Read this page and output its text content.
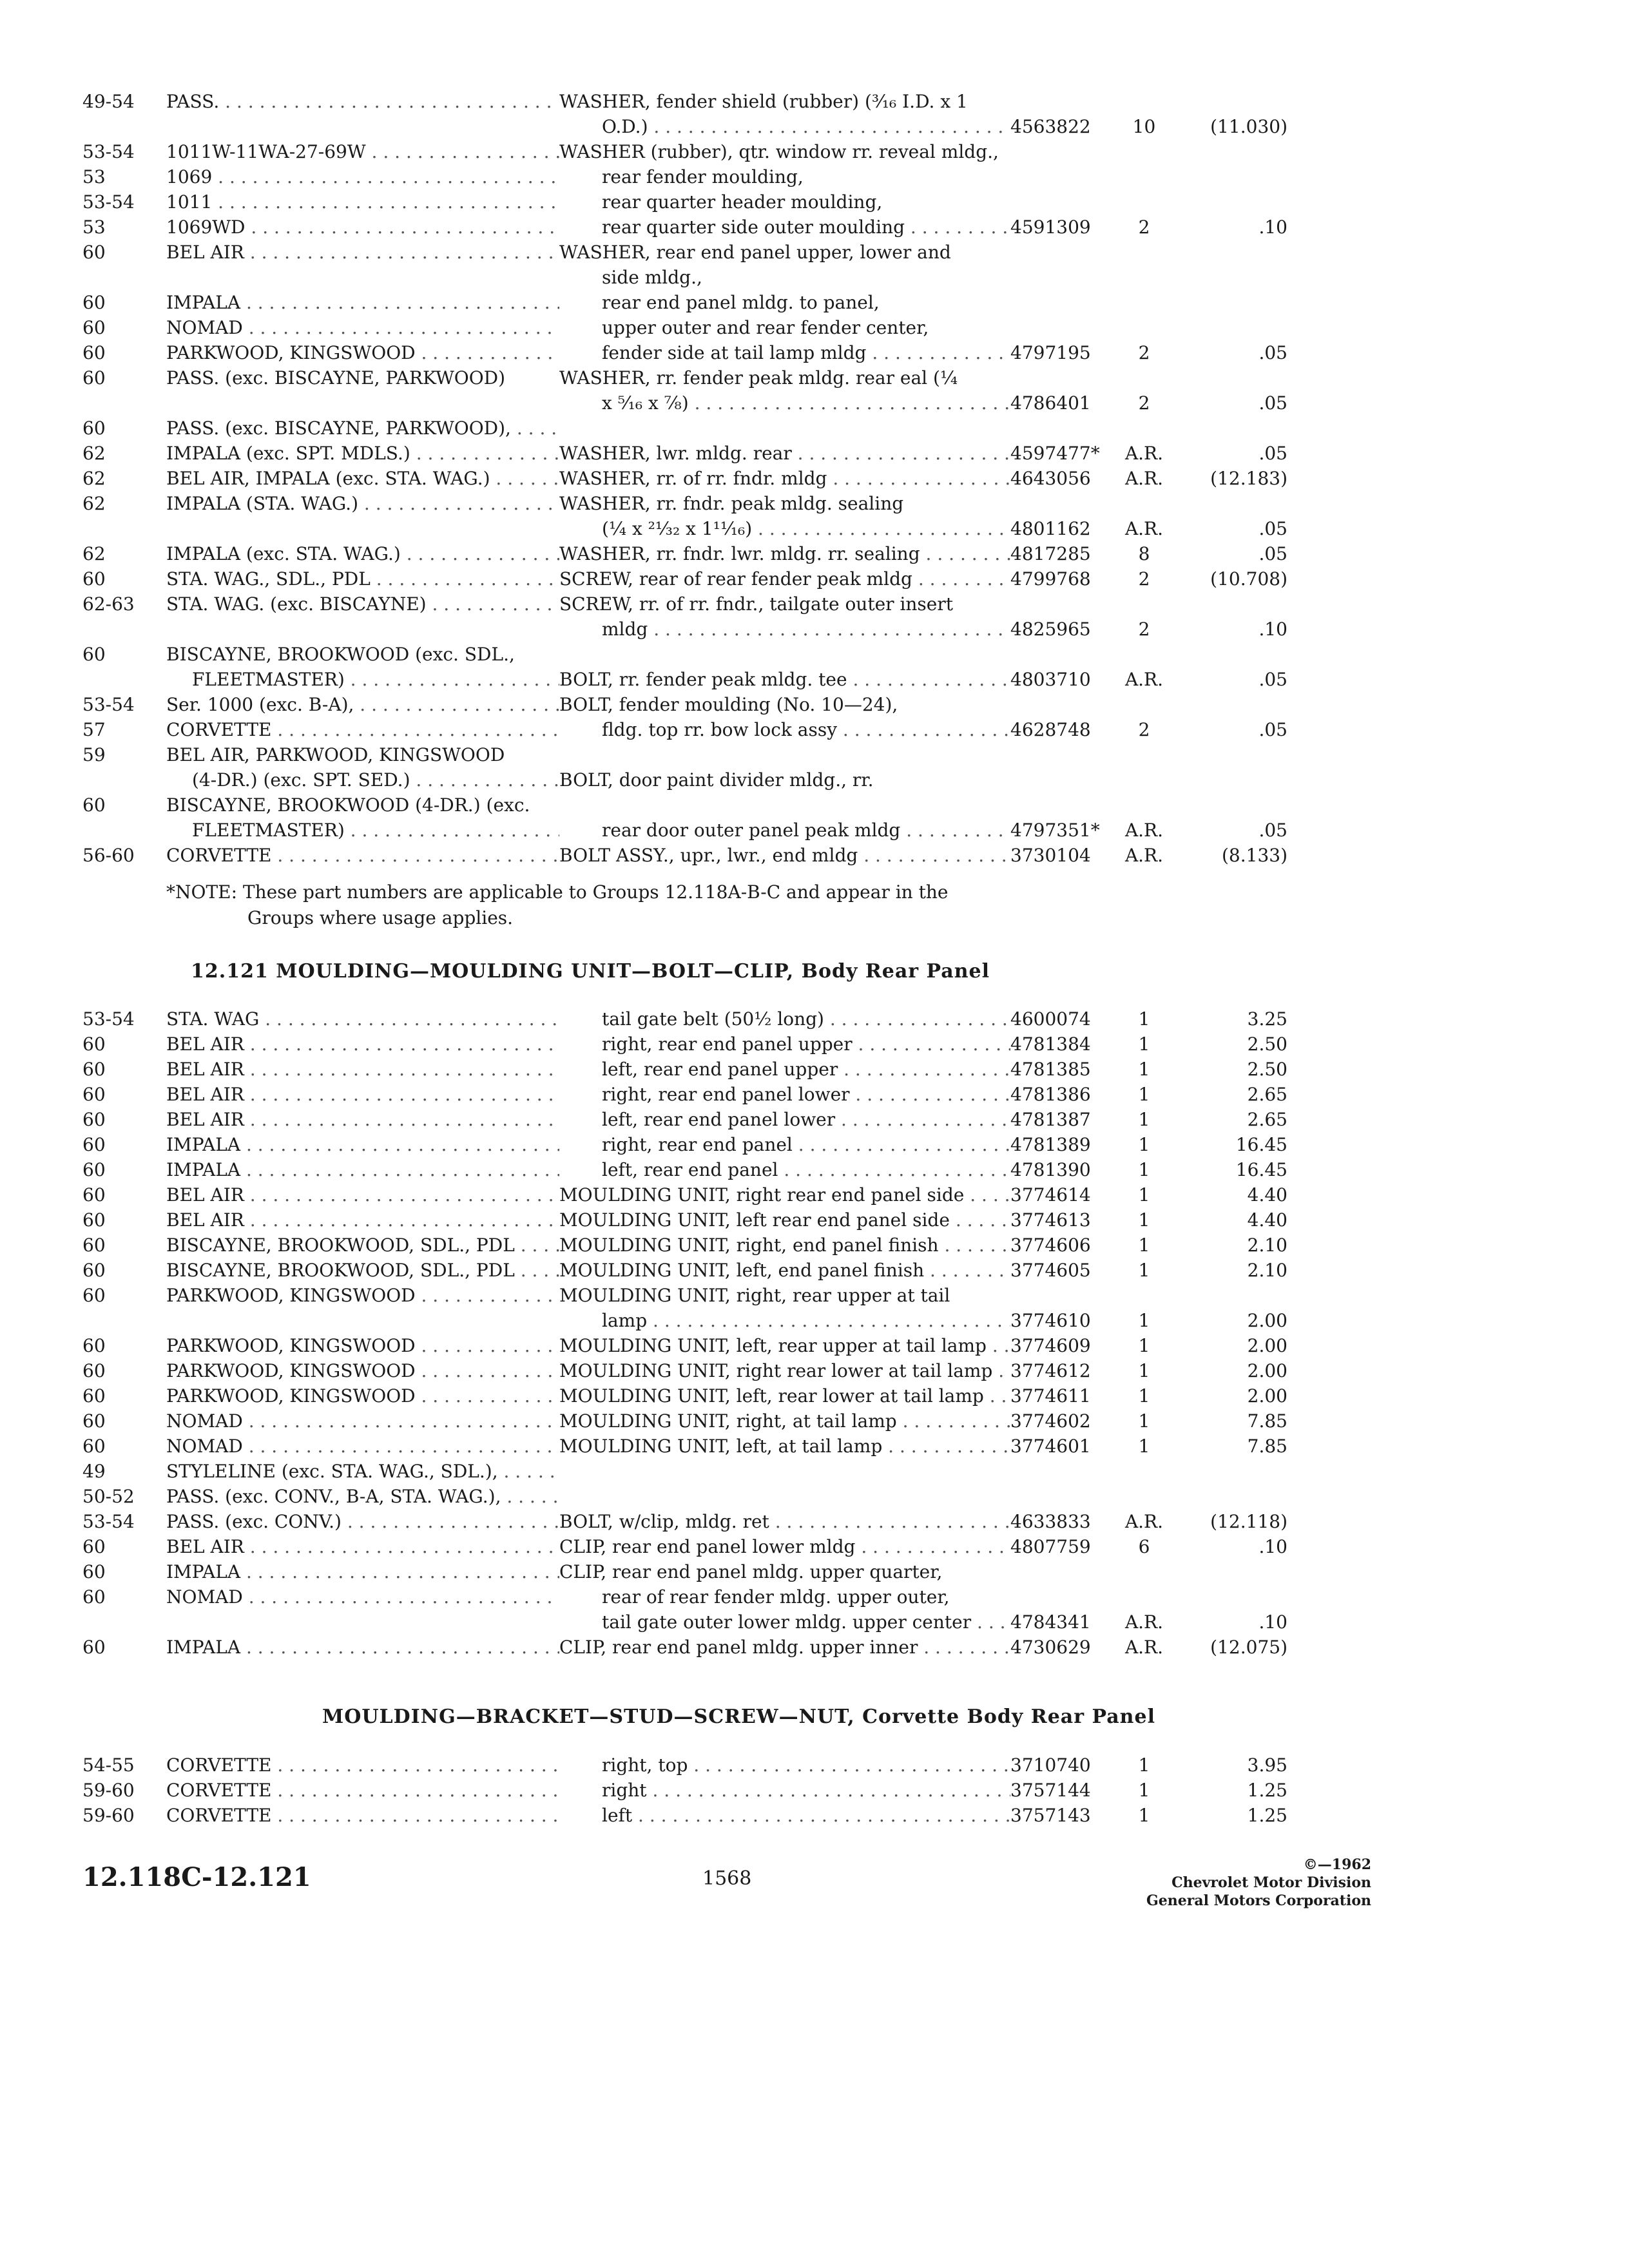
49-54	PASS. . . .	WASHER, fender shield (rubber) (³⁄₁₆ I.D. x 1
O.D.) . . .	4563822	10	(11.030)
53-54	1011W-11WA-27-69W . . .	WASHER (rubber), qtr. window rr. reveal mldg.,
53	1069 . . .	rear fender moulding,
53-54	1011 . . .	rear quarter header moulding,
53	1069WD . . .	rear quarter side outer moulding . . .	4591309	2	.10
60	BEL AIR . . .	WASHER, rear end panel upper, lower and
side mldg.,
60	IMPALA . . .	rear end panel mldg. to panel,
60	NOMAD . . .	upper outer and rear fender center,
60	PARKWOOD, KINGSWOOD . . .	fender side at tail lamp mldg . . .	4797195	2	.05
60	PASS. (exc. BISCAYNE, PARKWOOD)	WASHER, rr. fender peak mldg. rear eal (¼
x ⁵⁄₁₆ x ⁷⁄₈) . . .	4786401	2	.05
60	PASS. (exc. BISCAYNE, PARKWOOD), . . .

62	IMPALA (exc. SPT. MDLS.) . . .	WASHER, lwr. mldg. rear . . .	4597477*	A.R.	.05
62	BEL AIR, IMPALA (exc. STA. WAG.) . . .	WASHER, rr. of rr. fndr. mldg . . .	4643056	A.R.	(12.183)
62	IMPALA (STA. WAG.) . . .	WASHER, rr. fndr. peak mldg. sealing
(¼ x ²¹⁄₃₂ x 1¹¹⁄₁₆) . . .	4801162	A.R.	.05
62	IMPALA (exc. STA. WAG.) . . .	WASHER, rr. fndr. lwr. mldg. rr. sealing . . .	4817285	8	.05
60	STA. WAG., SDL., PDL . . .	SCREW, rear of rear fender peak mldg . . .	4799768	2	(10.708)
62-63	STA. WAG. (exc. BISCAYNE) . . .	SCREW, rr. of rr. fndr., tailgate outer insert
mldg . . .	4825965	2	.10
60	BISCAYNE, BROOKWOOD (exc. SDL.,
FLEETMASTER) . . .
	BOLT, rr. fender peak mldg. tee . . .	4803710	A.R.	.05
53-54	Ser. 1000 (exc. B-A), . . .	BOLT, fender moulding (No. 10—24),
57	CORVETTE . . .	fldg. top rr. bow lock assy . . .	4628748	2	.05
59	BEL AIR, PARKWOOD, KINGSWOOD
(4-DR.) (exc. SPT. SED.) . . .
	BOLT, door paint divider mldg., rr.
60	BISCAYNE, BROOKWOOD (4-DR.) (exc.
FLEETMASTER) . . .
	rear door outer panel peak mldg . . .	4797351*	A.R.	.05
56-60	CORVETTE . . .	BOLT ASSY., upr., lwr., end mldg . . .	3730104	A.R.	(8.133)
*NOTE: These part numbers are applicable to Groups 12.118A-B-C and appear in the
Groups where usage applies.
12.121 MOULDING—MOULDING UNIT—BOLT—CLIP, Body Rear Panel
53-54	STA. WAG . . .	tail gate belt (50½ long) . . .	4600074	1	3.25
60	BEL AIR . . .	right, rear end panel upper . . .	4781384	1	2.50
60	BEL AIR . . .	left, rear end panel upper . . .	4781385	1	2.50
60	BEL AIR . . .	right, rear end panel lower . . .	4781386	1	2.65
60	BEL AIR . . .	left, rear end panel lower . . .	4781387	1	2.65
60	IMPALA . . .	right, rear end panel . . .	4781389	1	16.45
60	IMPALA . . .	left, rear end panel . . .	4781390	1	16.45
60	BEL AIR . . .	MOULDING UNIT, right rear end panel side . . .	3774614	1	4.40
60	BEL AIR . . .	MOULDING UNIT, left rear end panel side . . .	3774613	1	4.40
60	BISCAYNE, BROOKWOOD, SDL., PDL . . .	MOULDING UNIT, right, end panel finish . . .	3774606	1	2.10
60	BISCAYNE, BROOKWOOD, SDL., PDL . . .	MOULDING UNIT, left, end panel finish . . .	3774605	1	2.10
60	PARKWOOD, KINGSWOOD . . .	MOULDING UNIT, right, rear upper at tail
lamp . . .	3774610	1	2.00
60	PARKWOOD, KINGSWOOD . . .	MOULDING UNIT, left, rear upper at tail lamp . . .	3774609	1	2.00
60	PARKWOOD, KINGSWOOD . . .	MOULDING UNIT, right rear lower at tail lamp . . . 3774612	1	2.00
60	PARKWOOD, KINGSWOOD . . .	MOULDING UNIT, left, rear lower at tail lamp . . .	3774611	1	2.00
60	NOMAD . . .	MOULDING UNIT, right, at tail lamp . . .	3774602	1	7.85
60	NOMAD . . .	MOULDING UNIT, left, at tail lamp . . .	3774601	1	7.85
49	STYLELINE (exc. STA. WAG., SDL.), . . .

50-52	PASS. (exc. CONV., B-A, STA. WAG.), . . .

53-54	PASS. (exc. CONV.) . . .	BOLT, w/clip, mldg. ret . . .	4633833	A.R.	(12.118)
60	BEL AIR . . .	CLIP, rear end panel lower mldg . . .	4807759	6	.10
60	IMPALA . . .	CLIP, rear end panel mldg. upper quarter,
60	NOMAD . . .	rear of rear fender mldg. upper outer,
tail gate outer lower mldg. upper center . . .	4784341	A.R.	.10
60	IMPALA . . .	CLIP, rear end panel mldg. upper inner . . .	4730629	A.R.	(12.075)
MOULDING—BRACKET—STUD—SCREW—NUT, Corvette Body Rear Panel
54-55	CORVETTE . . .	right, top . . .	3710740	1	3.95
59-60	CORVETTE . . .	right . . .	3757144	1	1.25
59-60	CORVETTE . . .	left . . .	3757143	1	1.25
12.118C-12.121	1568
©—1962
Chevrolet Motor Division
General Motors Corporation
